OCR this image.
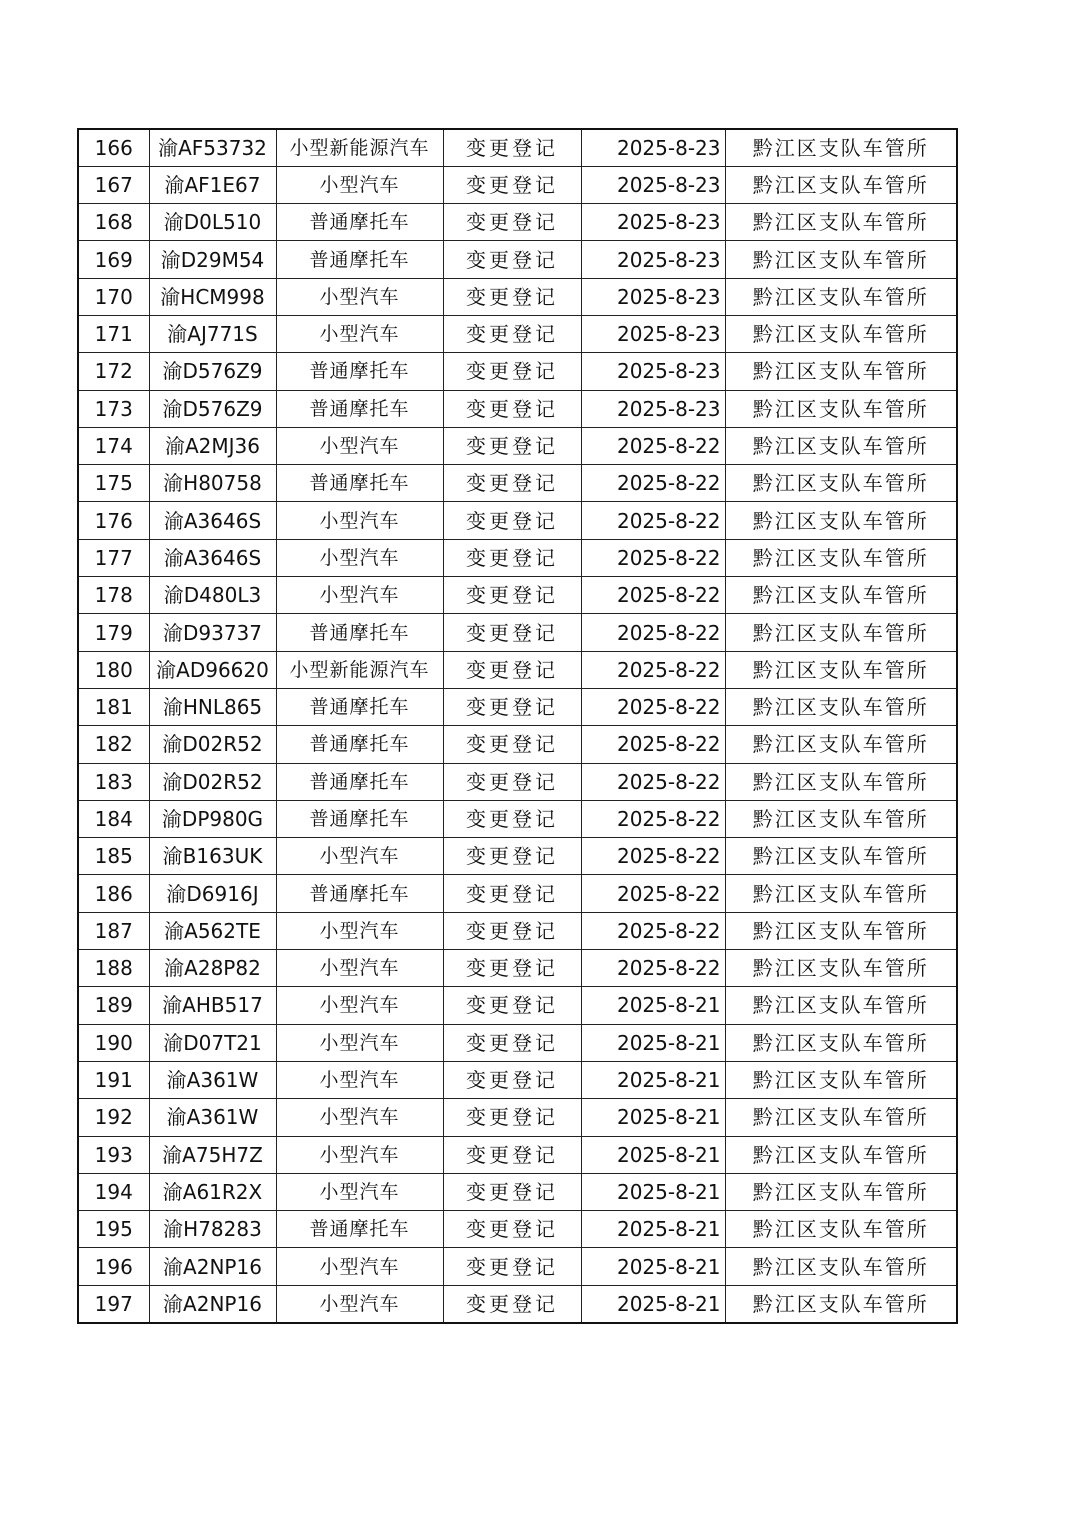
166	渝AF53732	小型新能源汽车	变更登记	2025-8-23	黔江区支队车管所
167	渝AF1E67	小型汽车	变更登记	2025-8-23	黔江区支队车管所
168	渝D0L510	普通摩托车	变更登记	2025-8-23	黔江区支队车管所
169	渝D29M54	普通摩托车	变更登记	2025-8-23	黔江区支队车管所
170	渝HCM998	小型汽车	变更登记	2025-8-23	黔江区支队车管所
171	渝AJ771S	小型汽车	变更登记	2025-8-23	黔江区支队车管所
172	渝D576Z9	普通摩托车	变更登记	2025-8-23	黔江区支队车管所
173	渝D576Z9	普通摩托车	变更登记	2025-8-23	黔江区支队车管所
174	渝A2MJ36	小型汽车	变更登记	2025-8-22	黔江区支队车管所
175	渝H80758	普通摩托车	变更登记	2025-8-22	黔江区支队车管所
176	渝A3646S	小型汽车	变更登记	2025-8-22	黔江区支队车管所
177	渝A3646S	小型汽车	变更登记	2025-8-22	黔江区支队车管所
178	渝D480L3	小型汽车	变更登记	2025-8-22	黔江区支队车管所
179	渝D93737	普通摩托车	变更登记	2025-8-22	黔江区支队车管所
180	渝AD96620	小型新能源汽车	变更登记	2025-8-22	黔江区支队车管所
181	渝HNL865	普通摩托车	变更登记	2025-8-22	黔江区支队车管所
182	渝D02R52	普通摩托车	变更登记	2025-8-22	黔江区支队车管所
183	渝D02R52	普通摩托车	变更登记	2025-8-22	黔江区支队车管所
184	渝DP980G	普通摩托车	变更登记	2025-8-22	黔江区支队车管所
185	渝B163UK	小型汽车	变更登记	2025-8-22	黔江区支队车管所
186	渝D6916J	普通摩托车	变更登记	2025-8-22	黔江区支队车管所
187	渝A562TE	小型汽车	变更登记	2025-8-22	黔江区支队车管所
188	渝A28P82	小型汽车	变更登记	2025-8-22	黔江区支队车管所
189	渝AHB517	小型汽车	变更登记	2025-8-21	黔江区支队车管所
190	渝D07T21	小型汽车	变更登记	2025-8-21	黔江区支队车管所
191	渝A361W	小型汽车	变更登记	2025-8-21	黔江区支队车管所
192	渝A361W	小型汽车	变更登记	2025-8-21	黔江区支队车管所
193	渝A75H7Z	小型汽车	变更登记	2025-8-21	黔江区支队车管所
194	渝A61R2X	小型汽车	变更登记	2025-8-21	黔江区支队车管所
195	渝H78283	普通摩托车	变更登记	2025-8-21	黔江区支队车管所
196	渝A2NP16	小型汽车	变更登记	2025-8-21	黔江区支队车管所
197	渝A2NP16	小型汽车	变更登记	2025-8-21	黔江区支队车管所
